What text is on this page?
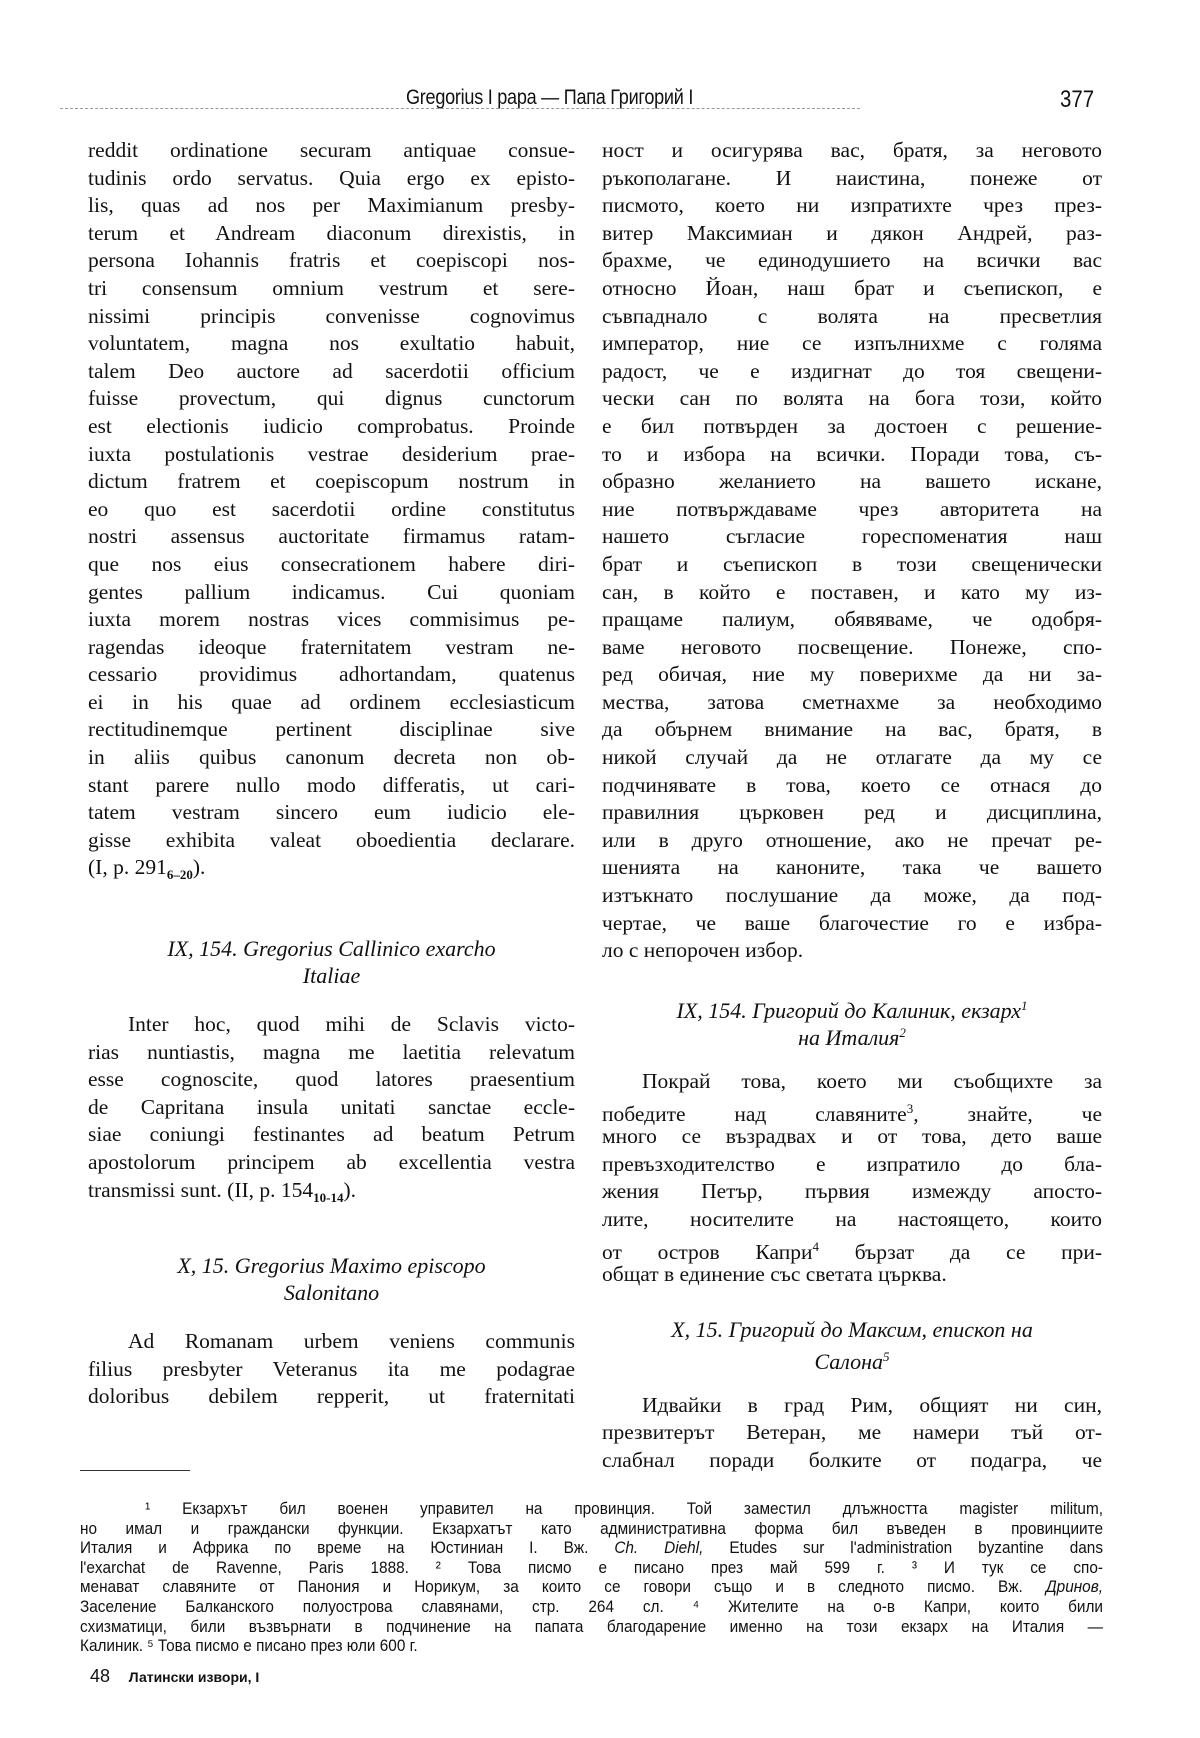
Gregorius I papa — Папа Григорий I	377
reddit ordinatione securam antiquae consue-
tudinis ordo servatus. Quia ergo ex episto-
lis, quas ad nos per Maximianum presby-
terum et Andream diaconum direxistis, in
persona Iohannis fratris et coepiscopi nos-
tri consensum omnium vestrum et sere-
nissimi principis convenisse cognovimus
voluntatem, magna nos exultatio habuit,
talem Deo auctore ad sacerdotii officium
fuisse provectum, qui dignus cunctorum
est electionis iudicio comprobatus. Proinde
iuxta postulationis vestrae desiderium prae-
dictum fratrem et coepiscopum nostrum in
eo quo est sacerdotii ordine constitutus
nostri assensus auctoritate firmamus ratam-
que nos eius consecrationem habere diri-
gentes pallium indicamus. Cui quoniam
iuxta morem nostras vices commisimus pe-
ragendas ideoque fraternitatem vestram ne-
cessario providimus adhortandam, quatenus
ei in his quae ad ordinem ecclesiasticum
rectitudinemque pertinent disciplinae sive
in aliis quibus canonum decreta non ob-
stant parere nullo modo differatis, ut cari-
tatem vestram sincero eum iudicio ele-
gisse exhibita valeat oboedientia declarare.
(I, p. $291_{6-20}$).
IX, 154. Gregorius Callinico exarcho
Italiae
Inter hoc, quod mihi de Sclavis victo-
rias nuntiastis, magna me laetitia relevatum
esse cognoscite, quod latores praesentium
de Capritana insula unitati sanctae eccle-
siae coniungi festinantes ad beatum Petrum
apostolorum principem ab excellentia vestra
transmissi sunt. (II, p. $154_{10-14}$).
X, 15. Gregorius Maximo episcopo
Salonitano
Ad Romanam urbem veniens communis
filius presbyter Veteranus ita me podagrae
doloribus debilem repperit, ut fraternitati
ност и осигурява вас, братя, за неговото
ръкополагане. И наистина, понеже от
писмото, което ни изпратихте чрез през-
витер Максимиан и дякон Андрей, раз-
брахме, че единодушието на всички вас
относно Йоан, наш брат и съепископ, е
съвпаднало с волята на пресветлия
император, ние се изпълнихме с голяма
радост, че е издигнат до тоя свещени-
чески сан по волята на бога този, който
е бил потвърден за достоен с решение-
то и избора на всички. Поради това, съ-
образно желанието на вашето искане,
ние потвърждаваме чрез авторитета на
нашето съгласие гореспоменатия наш
брат и съепископ в този свещенически
сан, в който е поставен, и като му из-
пращаме палиум, обявяваме, че одобря-
ваме неговото посвещение. Понеже, спо-
ред обичая, ние му поверихме да ни за-
мества, затова сметнахме за необходимо
да обърнем внимание на вас, братя, в
никой случай да не отлагате да му се
подчинявате в това, което се отнася до
правилния църковен ред и дисциплина,
или в друго отношение, ако не пречат ре-
шенията на каноните, така че вашето
изтъкнато послушание да може, да под-
чертае, че ваше благочестие го е избра-
ло с непорочен избор.
IX, 154. Григорий до Калиник, екзарх$^1$
на Италия$^2$
Покрай това, което ми съобщихте за
победите над славяните$^3$, знайте, че
много се възрадвах и от това, дето ваше
превъзходителство е изпратило до бла-
жения Петър, първия измежду апосто-
лите, носителите на настоящето, които
от остров Капри$^4$ бързат да се при-
общат в единение със светата църква.
X, 15. Григорий до Максим, епископ на
Салона$^5$
Идвайки в град Рим, общият ни син,
презвитерът Ветеран, ме намери тъй от-
слабнал поради болките от подагра, че
¹ Екзархът бил военен управител на провинция. Той заместил длъжността magister militum,
но имал и граждански функции. Екзархатът като административна форма бил въведен в провинциите
Италия и Африка по време на Юстиниан I. Вж. Ch. Diehl, Etudes sur l'administration byzantine dans
l'exarchat de Ravenne, Paris 1888. ² Това писмо е писано през май 599 г. ³ И тук се спо-
менават славяните от Панония и Норикум, за които се говори също и в следното писмо. Вж. Дринов,
Заселение Балканского полуострова славянами, стр. 264 сл. ⁴ Жителите на о-в Капри, които били
схизматици, били възвърнати в подчинение на папата благодарение именно на този екзарх на Италия —
Калиник. ⁵ Това писмо е писано през юли 600 г.
48 Латински извори, I
